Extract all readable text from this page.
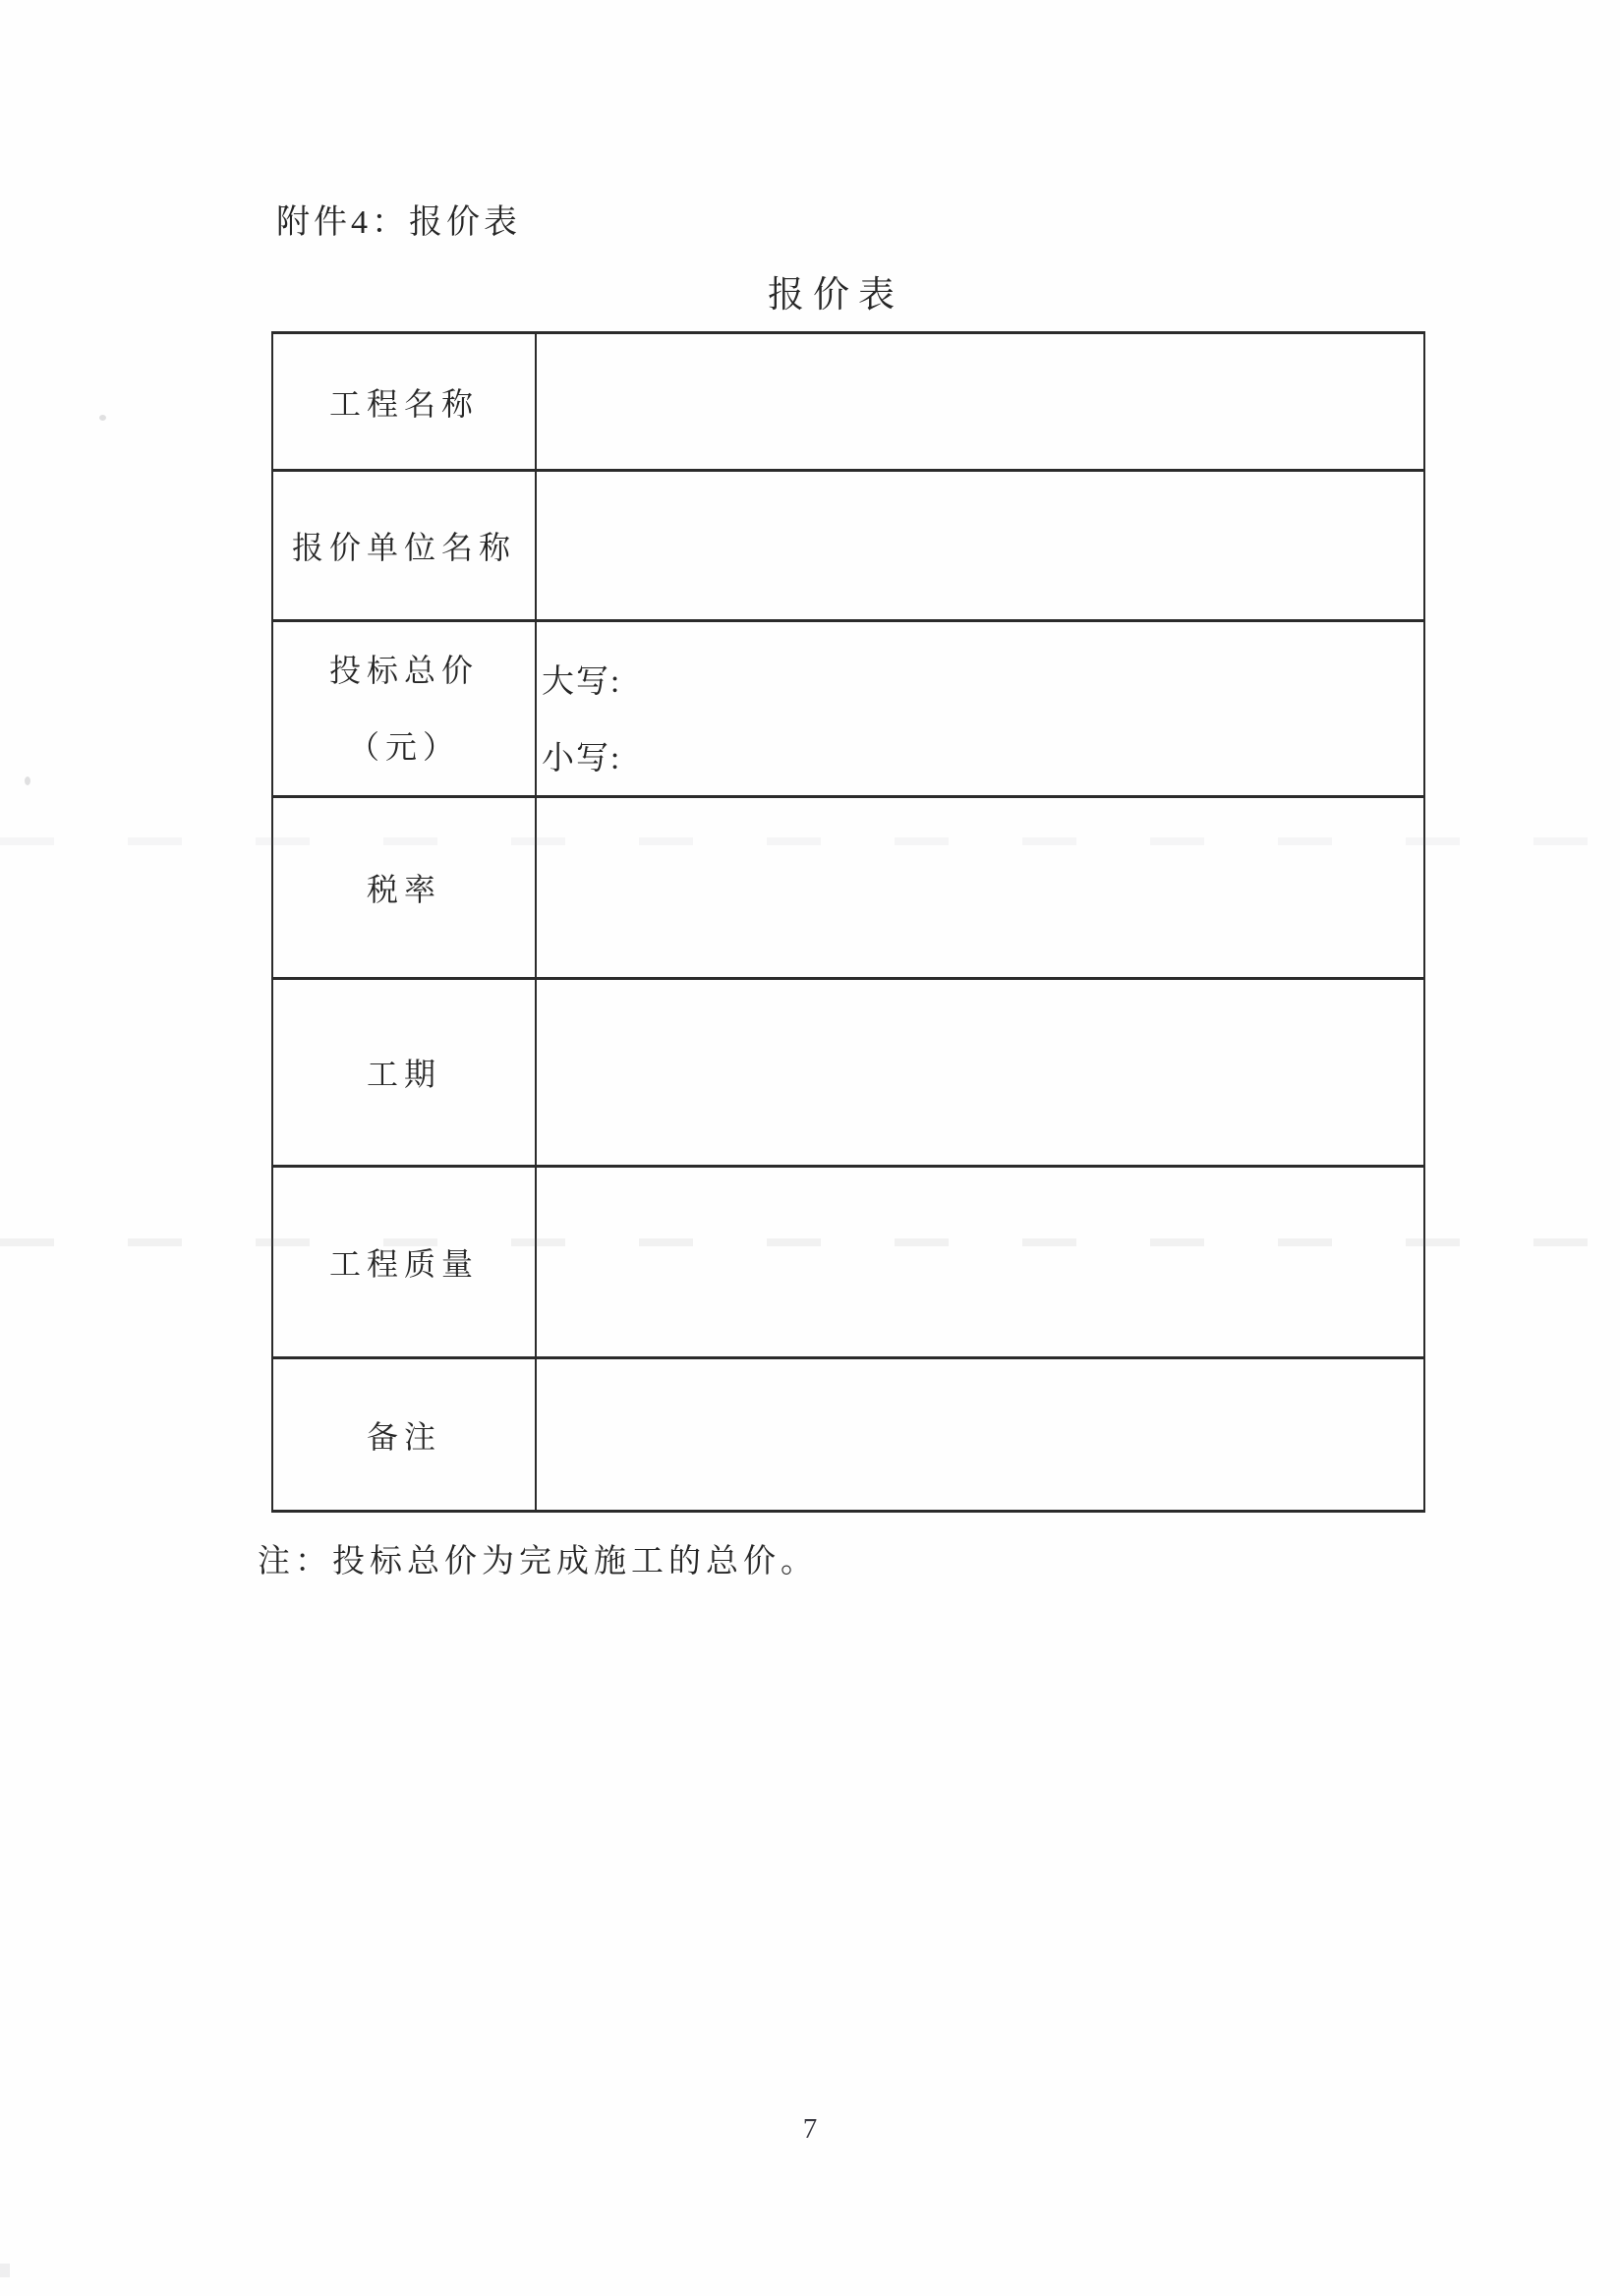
附件4：报价表
报价表
工程名称
报价单位名称
投标总价
（元）
大写:
小写:
税率
工期
工程质量
备注
注：投标总价为完成施工的总价。
7
